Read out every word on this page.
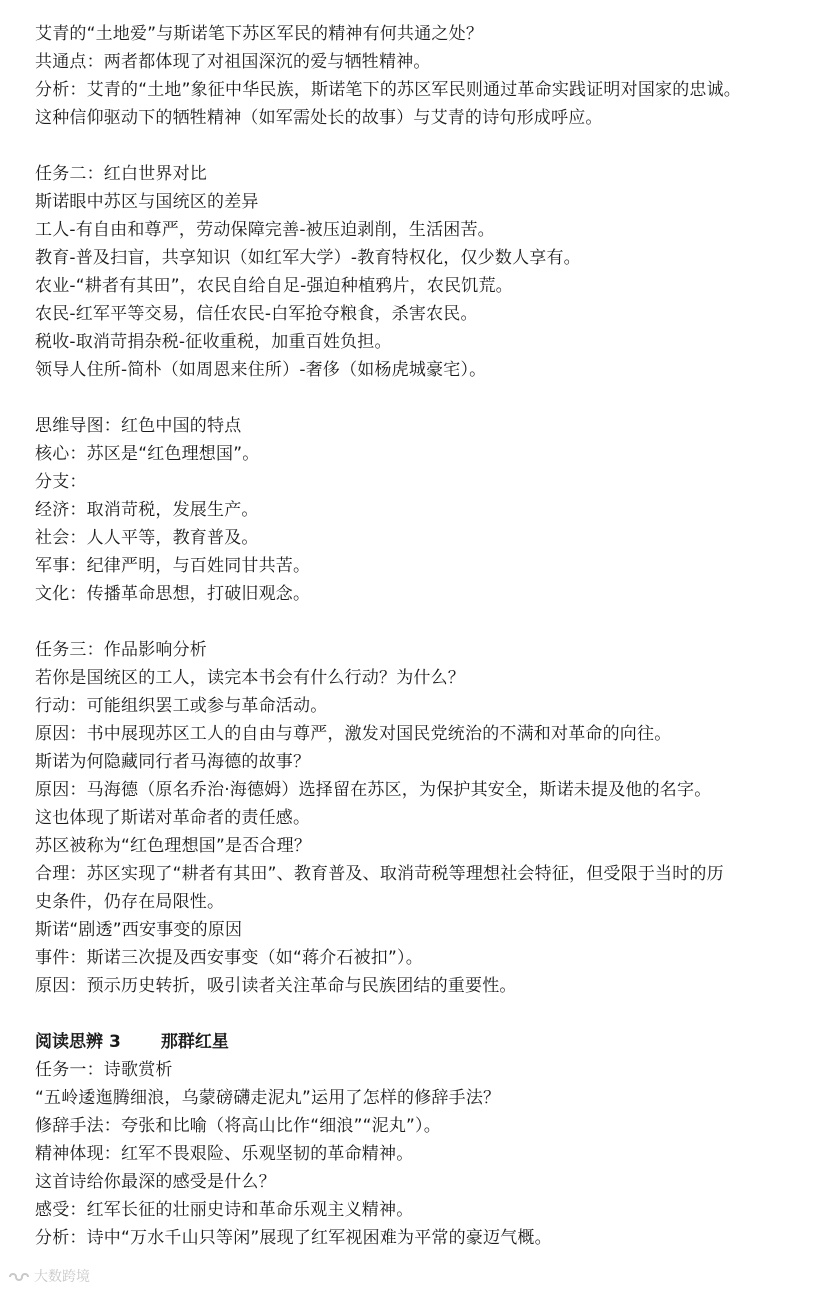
艾青的“土地爱”与斯诺笔下苏区军民的精神有何共通之处？
共通点：两者都体现了对祖国深沉的爱与牺牲精神。
分析：艾青的“土地”象征中华民族，斯诺笔下的苏区军民则通过革命实践证明对国家的忠诚。
这种信仰驱动下的牺牲精神（如军需处长的故事）与艾青的诗句形成呼应。
任务二：红白世界对比
斯诺眼中苏区与国统区的差异
工人-有自由和尊严，劳动保障完善-被压迫剥削，生活困苦。
教育-普及扫盲，共享知识（如红军大学）-教育特权化，仅少数人享有。
农业-“耕者有其田”，农民自给自足-强迫种植鸦片，农民饥荒。
农民-红军平等交易，信任农民-白军抢夺粮食，杀害农民。
税收-取消苛捐杂税-征收重税，加重百姓负担。
领导人住所-简朴（如周恩来住所）-奢侈（如杨虎城豪宅）。
思维导图：红色中国的特点
核心：苏区是“红色理想国”。
分支：
经济：取消苛税，发展生产。
社会：人人平等，教育普及。
军事：纪律严明，与百姓同甘共苦。
文化：传播革命思想，打破旧观念。
任务三：作品影响分析
若你是国统区的工人，读完本书会有什么行动？为什么？
行动：可能组织罢工或参与革命活动。
原因：书中展现苏区工人的自由与尊严，激发对国民党统治的不满和对革命的向往。
斯诺为何隐藏同行者马海德的故事？
原因：马海德（原名乔治·海德姆）选择留在苏区，为保护其安全，斯诺未提及他的名字。
这也体现了斯诺对革命者的责任感。
苏区被称为“红色理想国”是否合理？
合理：苏区实现了“耕者有其田”、教育普及、取消苛税等理想社会特征，但受限于当时的历
史条件，仍存在局限性。
斯诺“剧透”西安事变的原因
事件：斯诺三次提及西安事变（如“蒋介石被扣”）。
原因：预示历史转折，吸引读者关注革命与民族团结的重要性。
阅读思辨 3 那群红星
任务一：诗歌赏析
“五岭逶迤腾细浪，乌蒙磅礴走泥丸”运用了怎样的修辞手法？
修辞手法：夸张和比喻（将高山比作“细浪”“泥丸”）。
精神体现：红军不畏艰险、乐观坚韧的革命精神。
这首诗给你最深的感受是什么？
感受：红军长征的壮丽史诗和革命乐观主义精神。
分析：诗中“万水千山只等闲”展现了红军视困难为平常的豪迈气概。
大数跨境
